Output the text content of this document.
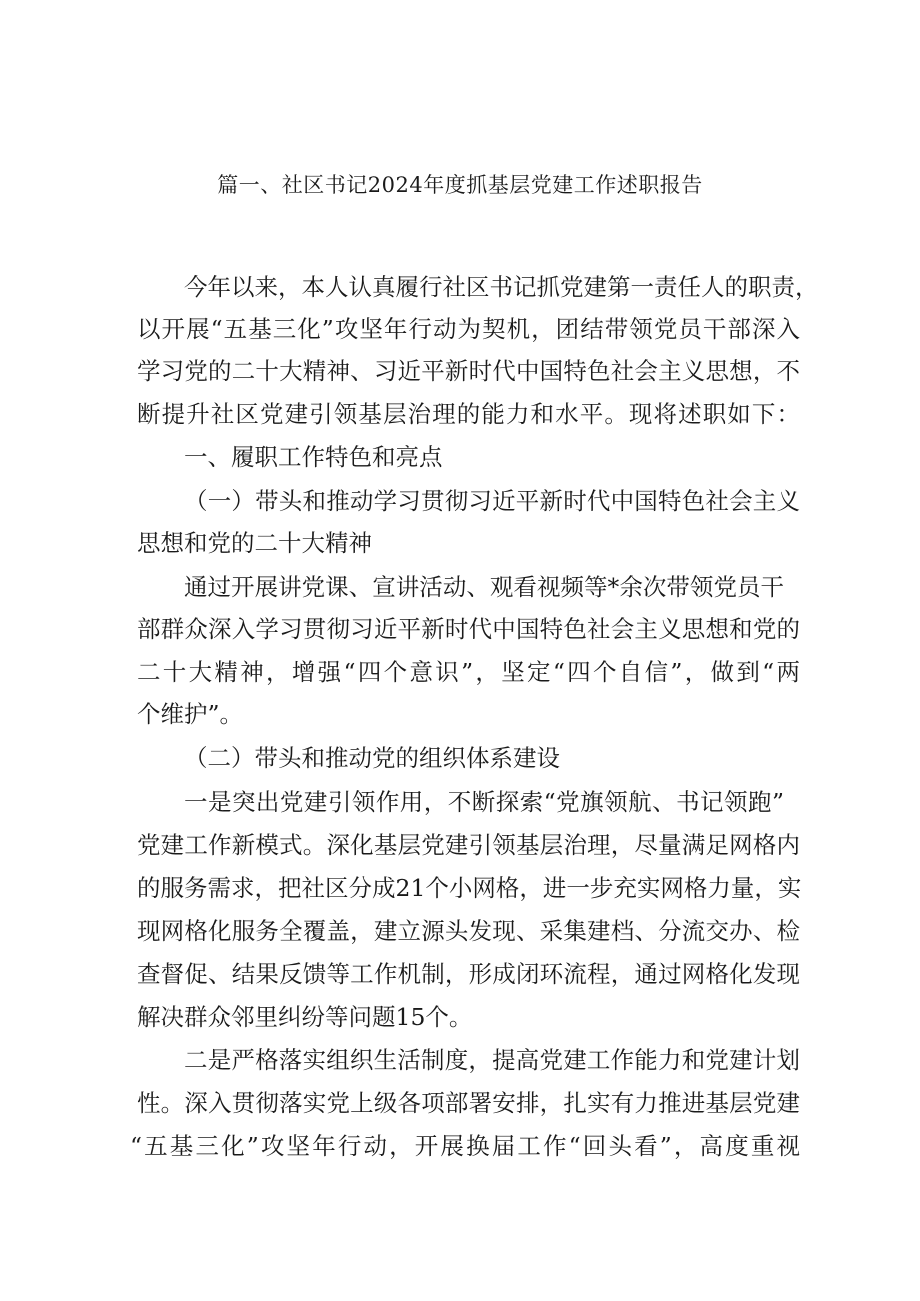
篇一、社区书记2024年度抓基层党建工作述职报告
今年以来，本人认真履行社区书记抓党建第一责任人的职责，
以开展“五基三化”攻坚年行动为契机，团结带领党员干部深入
学习党的二十大精神、习近平新时代中国特色社会主义思想，不
断提升社区党建引领基层治理的能力和水平。现将述职如下：
一、履职工作特色和亮点
（一）带头和推动学习贯彻习近平新时代中国特色社会主义
思想和党的二十大精神
通过开展讲党课、宣讲活动、观看视频等*余次带领党员干
部群众深入学习贯彻习近平新时代中国特色社会主义思想和党的
二十大精神，增强“四个意识”，坚定“四个自信”，做到“两
个维护”。
（二）带头和推动党的组织体系建设
一是突出党建引领作用，不断探索“党旗领航、书记领跑”
党建工作新模式。深化基层党建引领基层治理，尽量满足网格内
的服务需求，把社区分成21个小网格，进一步充实网格力量，实
现网格化服务全覆盖，建立源头发现、采集建档、分流交办、检
查督促、结果反馈等工作机制，形成闭环流程，通过网格化发现
解决群众邻里纠纷等问题15个。
二是严格落实组织生活制度，提高党建工作能力和党建计划
性。深入贯彻落实党上级各项部署安排，扎实有力推进基层党建
“五基三化”攻坚年行动，开展换届工作“回头看”，高度重视
